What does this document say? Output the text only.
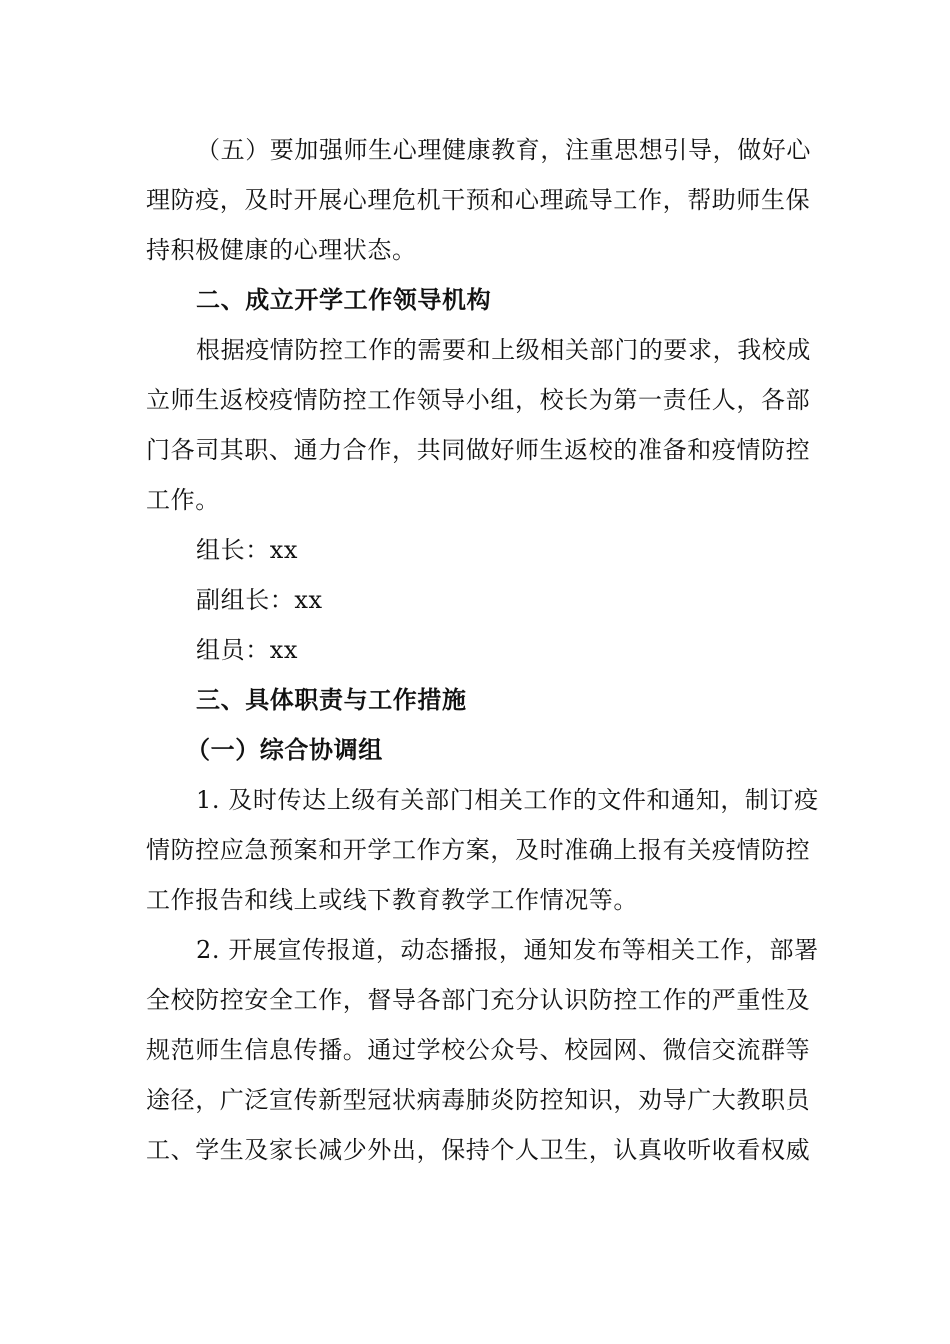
（五）要加强师生心理健康教育，注重思想引导，做好心
理防疫，及时开展心理危机干预和心理疏导工作，帮助师生保
持积极健康的心理状态。
二、成立开学工作领导机构
根据疫情防控工作的需要和上级相关部门的要求，我校成
立师生返校疫情防控工作领导小组，校长为第一责任人，各部
门各司其职、通力合作，共同做好师生返校的准备和疫情防控
工作。
组长：xx
副组长：xx
组员：xx
三、具体职责与工作措施
（一）综合协调组
1. 及时传达上级有关部门相关工作的文件和通知，制订疫
情防控应急预案和开学工作方案，及时准确上报有关疫情防控
工作报告和线上或线下教育教学工作情况等。
2. 开展宣传报道，动态播报，通知发布等相关工作，部署
全校防控安全工作，督导各部门充分认识防控工作的严重性及
规范师生信息传播。通过学校公众号、校园网、微信交流群等
途径，广泛宣传新型冠状病毒肺炎防控知识，劝导广大教职员
工、学生及家长减少外出，保持个人卫生，认真收听收看权威
